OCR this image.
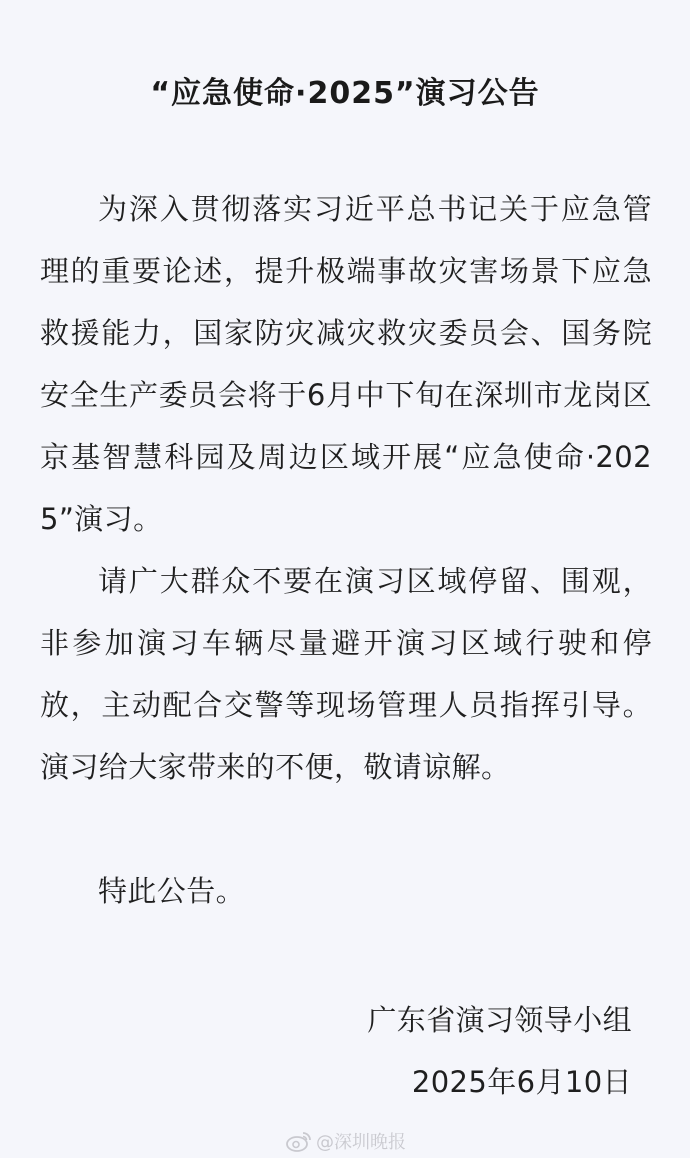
“应急使命·2025”演习公告

为深入贯彻落实习近平总书记关于应急管理的重要论述，提升极端事故灾害场景下应急救援能力，国家防灾减灾救灾委员会、国务院安全生产委员会将于6月中下旬在深圳市龙岗区京基智慧科园及周边区域开展“应急使命·2025”演习。

请广大群众不要在演习区域停留、围观，非参加演习车辆尽量避开演习区域行驶和停放，主动配合交警等现场管理人员指挥引导。演习给大家带来的不便，敬请谅解。

特此公告。

广东省演习领导小组
2025年6月10日
@深圳晚报
